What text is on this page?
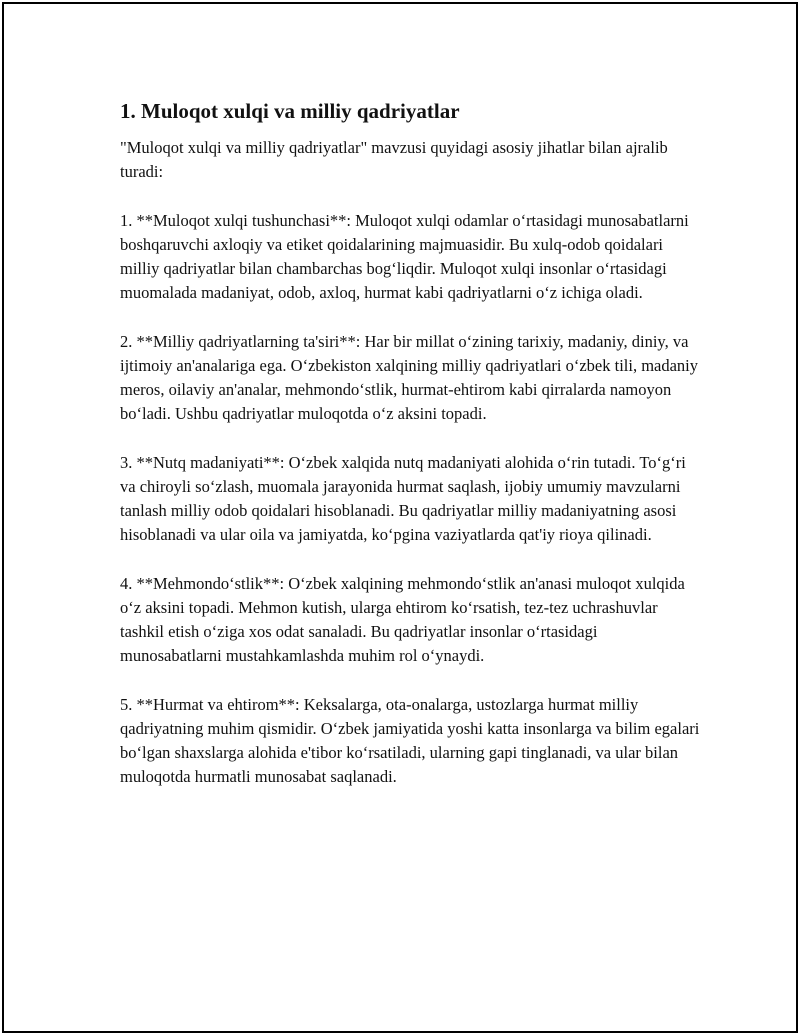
1. Muloqot xulqi va milliy qadriyatlar

"Muloqot xulqi va milliy qadriyatlar" mavzusi quyidagi asosiy jihatlar bilan ajralib turadi:

1. **Muloqot xulqi tushunchasi**: Muloqot xulqi odamlar oʻrtasidagi munosabatlarni boshqaruvchi axloqiy va etiket qoidalarining majmuasidir. Bu xulq-odob qoidalari milliy qadriyatlar bilan chambarchas bogʻliqdir. Muloqot xulqi insonlar oʻrtasidagi muomalada madaniyat, odob, axloq, hurmat kabi qadriyatlarni oʻz ichiga oladi.

2. **Milliy qadriyatlarning ta'siri**: Har bir millat oʻzining tarixiy, madaniy, diniy, va ijtimoiy an'analariga ega. Oʻzbekiston xalqining milliy qadriyatlari oʻzbek tili, madaniy meros, oilaviy an'analar, mehmondoʻstlik, hurmat-ehtirom kabi qirralarda namoyon boʻladi. Ushbu qadriyatlar muloqotda oʻz aksini topadi.

3. **Nutq madaniyati**: Oʻzbek xalqida nutq madaniyati alohida oʻrin tutadi. Toʻgʻri va chiroyli soʻzlash, muomala jarayonida hurmat saqlash, ijobiy umumiy mavzularni tanlash milliy odob qoidalari hisoblanadi. Bu qadriyatlar milliy madaniyatning asosi hisoblanadi va ular oila va jamiyatda, koʻpgina vaziyatlarda qat'iy rioya qilinadi.

4. **Mehmondoʻstlik**: Oʻzbek xalqining mehmondoʻstlik an'anasi muloqot xulqida oʻz aksini topadi. Mehmon kutish, ularga ehtirom koʻrsatish, tez-tez uchrashuvlar tashkil etish oʻziga xos odat sanaladi. Bu qadriyatlar insonlar oʻrtasidagi munosabatlarni mustahkamlashda muhim rol oʻynaydi.

5. **Hurmat va ehtirom**: Keksalarga, ota-onalarga, ustozlarga hurmat milliy qadriyatning muhim qismidir. Oʻzbek jamiyatida yoshi katta insonlarga va bilim egalari boʻlgan shaxslarga alohida e'tibor koʻrsatiladi, ularning gapi tinglanadi, va ular bilan muloqotda hurmatli munosabat saqlanadi.
